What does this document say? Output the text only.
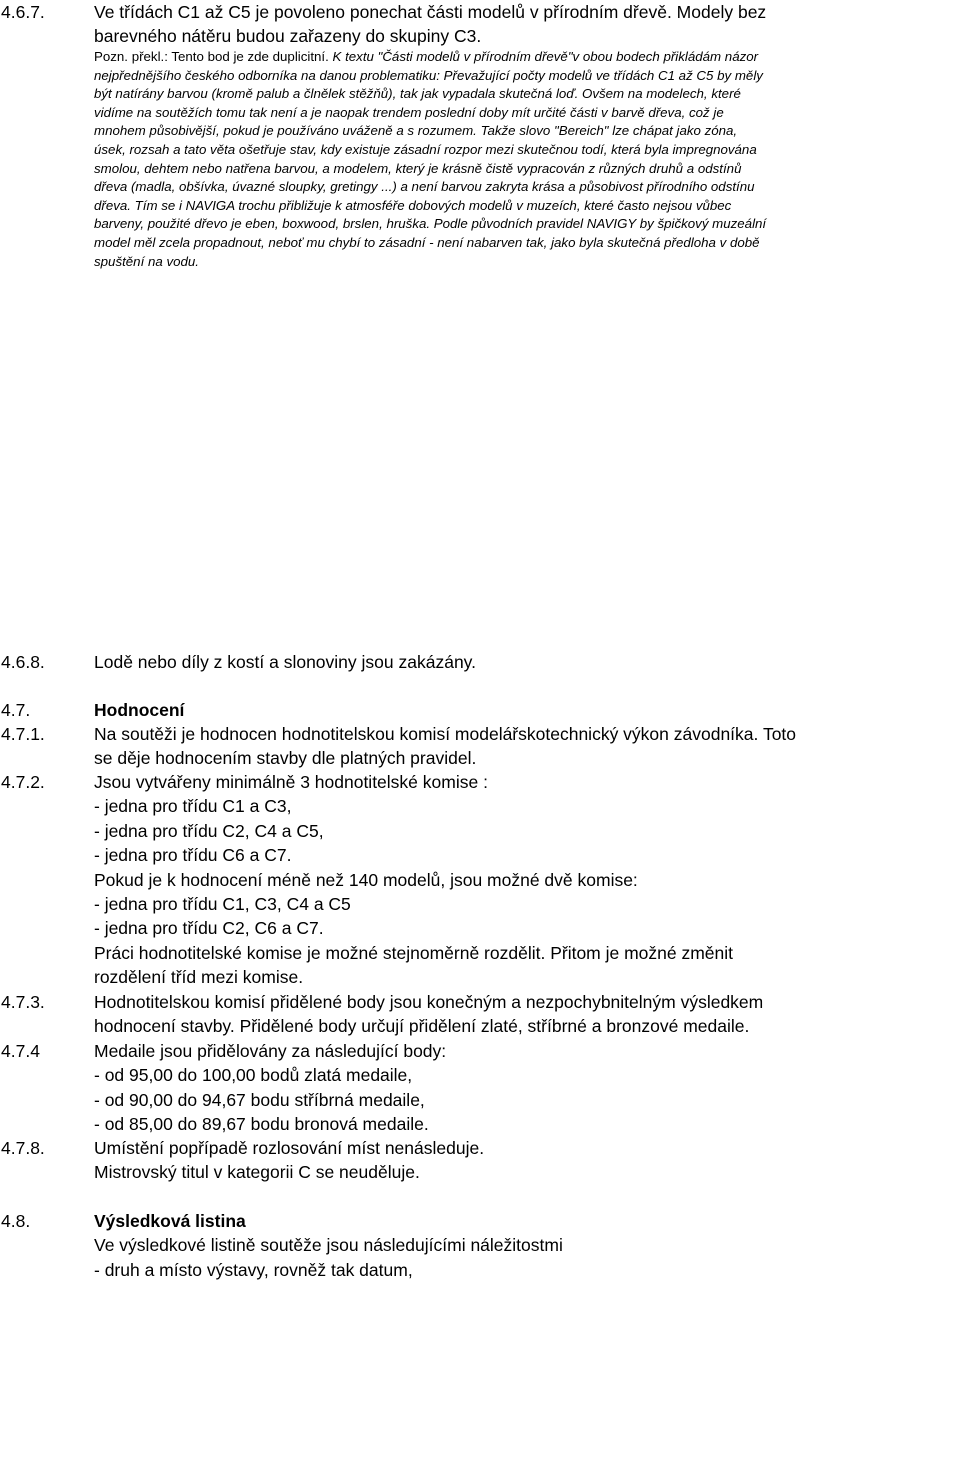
4.6.7.	Ve třídách C1 až C5 je povoleno ponechat části modelů v přírodním dřevě. Modely bez
barevného nátěru budou zařazeny do skupiny C3.
Pozn. překl.: Tento bod je zde duplicitní. K textu "Části modelů v přírodním dřevě"v obou bodech přikládám názor
nejpřednějšího českého odborníka na danou problematiku: Převažující počty modelů ve třídách C1 až C5 by měly
být natírány barvou (kromě palub a člnělek stěžňů), tak jak vypadala skutečná loď. Ovšem na modelech, které
vidíme na soutěžích tomu tak není a je naopak trendem poslední doby mít určité části v barvě dřeva, což je
mnohem působivější, pokud je používáno uváženě a s rozumem. Takže slovo "Bereich" lze chápat jako zóna,
úsek, rozsah a tato věta ošetřuje stav, kdy existuje zásadní rozpor mezi skutečnou todí, která byla impregnována
smolou, dehtem nebo natřena barvou, a modelem, který je krásně čistě vypracován z různých druhů a odstínů
dřeva (madla, obšívka, úvazné sloupky, gretingy ...) a není barvou zakryta krása a působivost přírodního odstínu
dřeva. Tím se i NAVIGA trochu přibližuje k atmosféře dobových modelů v muzeích, které často nejsou vůbec
barveny, použité dřevo je eben, boxwood, brslen, hruška. Podle původních pravidel NAVIGY by špičkový muzeální
model měl zcela propadnout, neboť mu chybí to zásadní - není nabarven tak, jako byla skutečná předloha v době
spuštění na vodu.
4.6.8.	Lodě nebo díly z kostí a slonoviny jsou zakázány.
4.7.	Hodnocení
4.7.1.	Na soutěži je hodnocen hodnotitelskou komisí modelářskotechnický výkon závodníka. Toto
se děje hodnocením stavby dle platných pravidel.
4.7.2.	Jsou vytvářeny minimálně 3 hodnotitelské komise :
- jedna pro třídu C1 a C3,
- jedna pro třídu C2, C4 a C5,
- jedna pro třídu C6 a C7.
Pokud je k hodnocení méně než 140 modelů, jsou možné dvě komise:
- jedna pro třídu C1, C3, C4 a C5
- jedna pro třídu C2, C6 a C7.
Práci hodnotitelské komise je možné stejnoměrně rozdělit. Přitom je možné změnit
rozdělení tříd mezi komise.
4.7.3.	Hodnotitelskou komisí přidělené body jsou konečným a nezpochybnitelným výsledkem
hodnocení stavby. Přidělené body určují přidělení zlaté, stříbrné a bronzové medaile.
4.7.4	Medaile jsou přidělovány za následující body:
- od 95,00 do 100,00 bodů zlatá medaile,
- od 90,00 do 94,67 bodu stříbrná medaile,
- od 85,00 do 89,67 bodu bronová medaile.
4.7.8.	Umístění popřípadě rozlosování míst nenásleduje.
Mistrovský titul v kategorii C se neuděluje.
4.8.	Výsledková listina
Ve výsledkové listině soutěže jsou následujícími náležitostmi
- druh a místo výstavy, rovněž tak datum,
